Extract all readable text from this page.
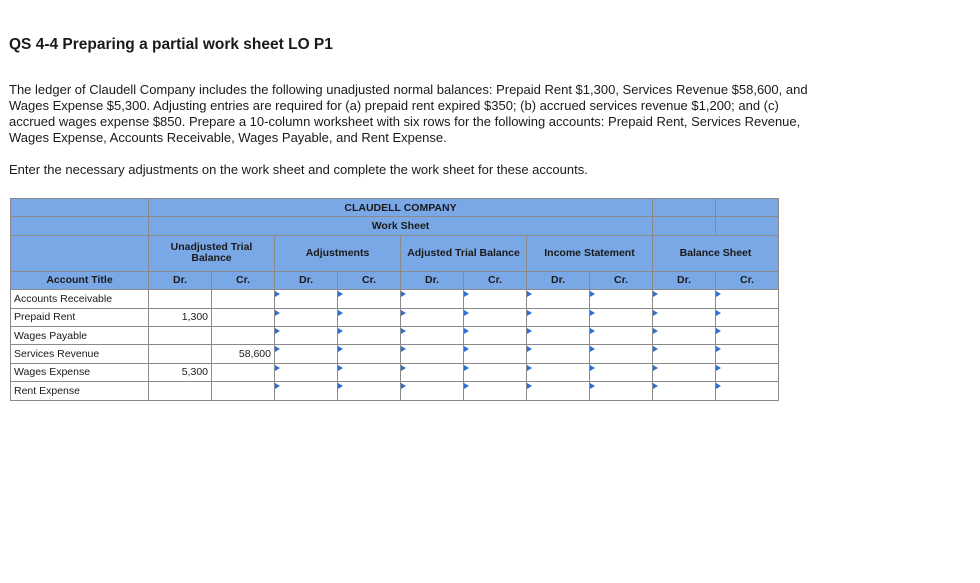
QS 4-4 Preparing a partial work sheet LO P1

The ledger of Claudell Company includes the following unadjusted normal balances: Prepaid Rent $1,300, Services Revenue $58,600, and Wages Expense $5,300. Adjusting entries are required for (a) prepaid rent expired $350; (b) accrued services revenue $1,200; and (c) accrued wages expense $850. Prepare a 10-column worksheet with six rows for the following accounts: Prepaid Rent, Services Revenue, Wages Expense, Accounts Receivable, Wages Payable, and Rent Expense.

Enter the necessary adjustments on the work sheet and complete the work sheet for these accounts.

	CLAUDELL COMPANY									
	Work Sheet									
	Unadjusted Trial Balance		Adjustments		Adjusted Trial Balance		Income Statement		Balance Sheet	
Account Title	Dr.	Cr.	Dr.	Cr.	Dr.	Cr.	Dr.	Cr.	Dr.	Cr.
Accounts Receivable			

Prepaid Rent	1,300		

Wages Payable			

Services Revenue		58,600	

Wages Expense	5,300		

Rent Expense			
